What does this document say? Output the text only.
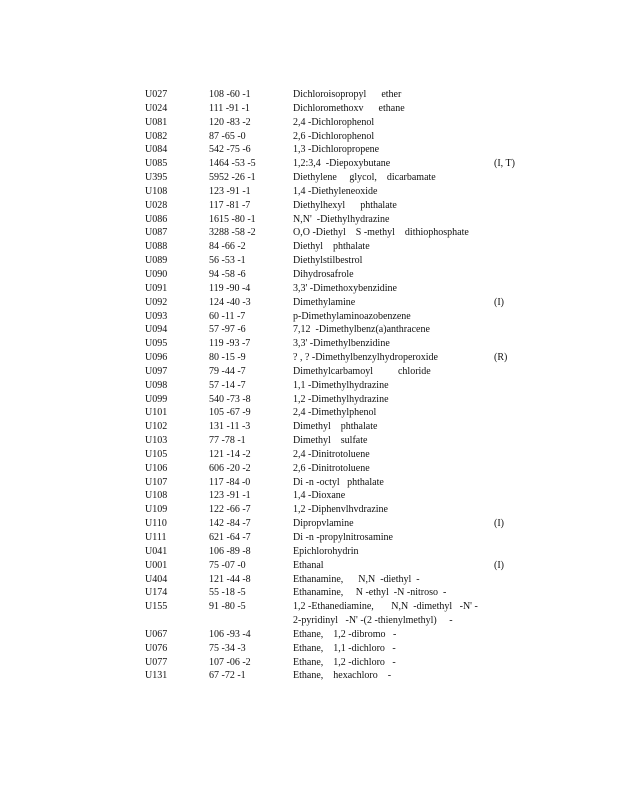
U027	108 -60 -1	Dichloroisopropyl      ether
U024	111 -91 -1	Dichloromethoxv      ethane
U081	120 -83 -2	2,4 -Dichlorophenol
U082	87 -65 -0	2,6 -Dichlorophenol
U084	542 -75 -6	1,3 -Dichloropropene
U085	1464 -53 -5	1,2:3,4  -Diepoxybutane	(I, T)
U395	5952 -26 -1	Diethylene     glycol,    dicarbamate
U108	123 -91 -1	1,4 -Diethyleneoxide
U028	117 -81 -7	Diethylhexyl      phthalate
U086	1615 -80 -1	N,N'  -Diethylhydrazine
U087	3288 -58 -2	O,O -Diethyl    S -methyl    dithiophosphate
U088	84 -66 -2	Diethyl    phthalate
U089	56 -53 -1	Diethylstilbestrol
U090	94 -58 -6	Dihydrosafrole
U091	119 -90 -4	3,3' -Dimethoxybenzidine
U092	124 -40 -3	Dimethylamine	(I)
U093	60 -11 -7	p-Dimethylaminoazobenzene
U094	57 -97 -6	7,12  -Dimethylbenz(a)anthracene
U095	119 -93 -7	3,3' -Dimethylbenzidine
U096	80 -15 -9	? , ? -Dimethylbenzylhydroperoxide	(R)
U097	79 -44 -7	Dimethylcarbamoyl          chloride
U098	57 -14 -7	1,1 -Dimethylhydrazine
U099	540 -73 -8	1,2 -Dimethylhydrazine
U101	105 -67 -9	2,4 -Dimethylphenol
U102	131 -11 -3	Dimethyl    phthalate
U103	77 -78 -1	Dimethyl    sulfate
U105	121 -14 -2	2,4 -Dinitrotoluene
U106	606 -20 -2	2,6 -Dinitrotoluene
U107	117 -84 -0	Di -n -octyl   phthalate
U108	123 -91 -1	1,4 -Dioxane
U109	122 -66 -7	1,2 -Diphenvlhvdrazine
U110	142 -84 -7	Dipropvlamine	(I)
U111	621 -64 -7	Di -n -propylnitrosamine
U041	106 -89 -8	Epichlorohydrin
U001	75 -07 -0	Ethanal	(I)
U404	121 -44 -8	Ethanamine,      N,N  -diethyl  -
U174	55 -18 -5	Ethanamine,     N -ethyl  -N -nitroso  -
U155	91 -80 -5	1,2 -Ethanediamine,       N,N  -dimethyl   -N' -
2-pyridinyl   -N' -(2 -thienylmethyl)     -
U067	106 -93 -4	Ethane,    1,2 -dibromo   -
U076	75 -34 -3	Ethane,    1,1 -dichloro   -
U077	107 -06 -2	Ethane,    1,2 -dichloro   -
U131	67 -72 -1	Ethane,    hexachloro    -
